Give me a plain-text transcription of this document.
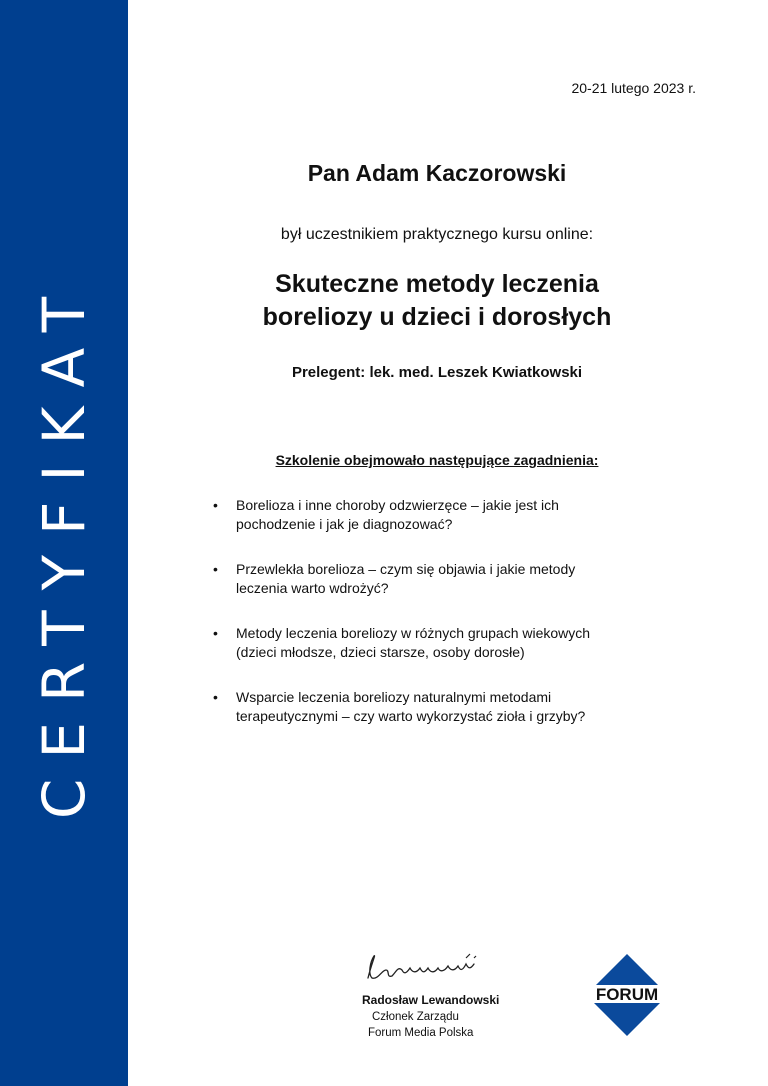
CERTYFIKAT
20-21 lutego 2023 r.
Pan Adam Kaczorowski
był uczestnikiem praktycznego kursu online:
Skuteczne metody leczenia
boreliozy u dzieci i dorosłych
Prelegent: lek. med. Leszek Kwiatkowski
Szkolenie obejmowało następujące zagadnienia:
• Borelioza i inne choroby odzwierzęce – jakie jest ich
pochodzenie i jak je diagnozować?
• Przewlekła borelioza – czym się objawia i jakie metody
leczenia warto wdrożyć?
• Metody leczenia boreliozy w różnych grupach wiekowych
(dzieci młodsze, dzieci starsze, osoby dorosłe)
• Wsparcie leczenia boreliozy naturalnymi metodami
terapeutycznymi – czy warto wykorzystać zioła i grzyby?
Radosław Lewandowski
Członek Zarządu
Forum Media Polska
FORUM
